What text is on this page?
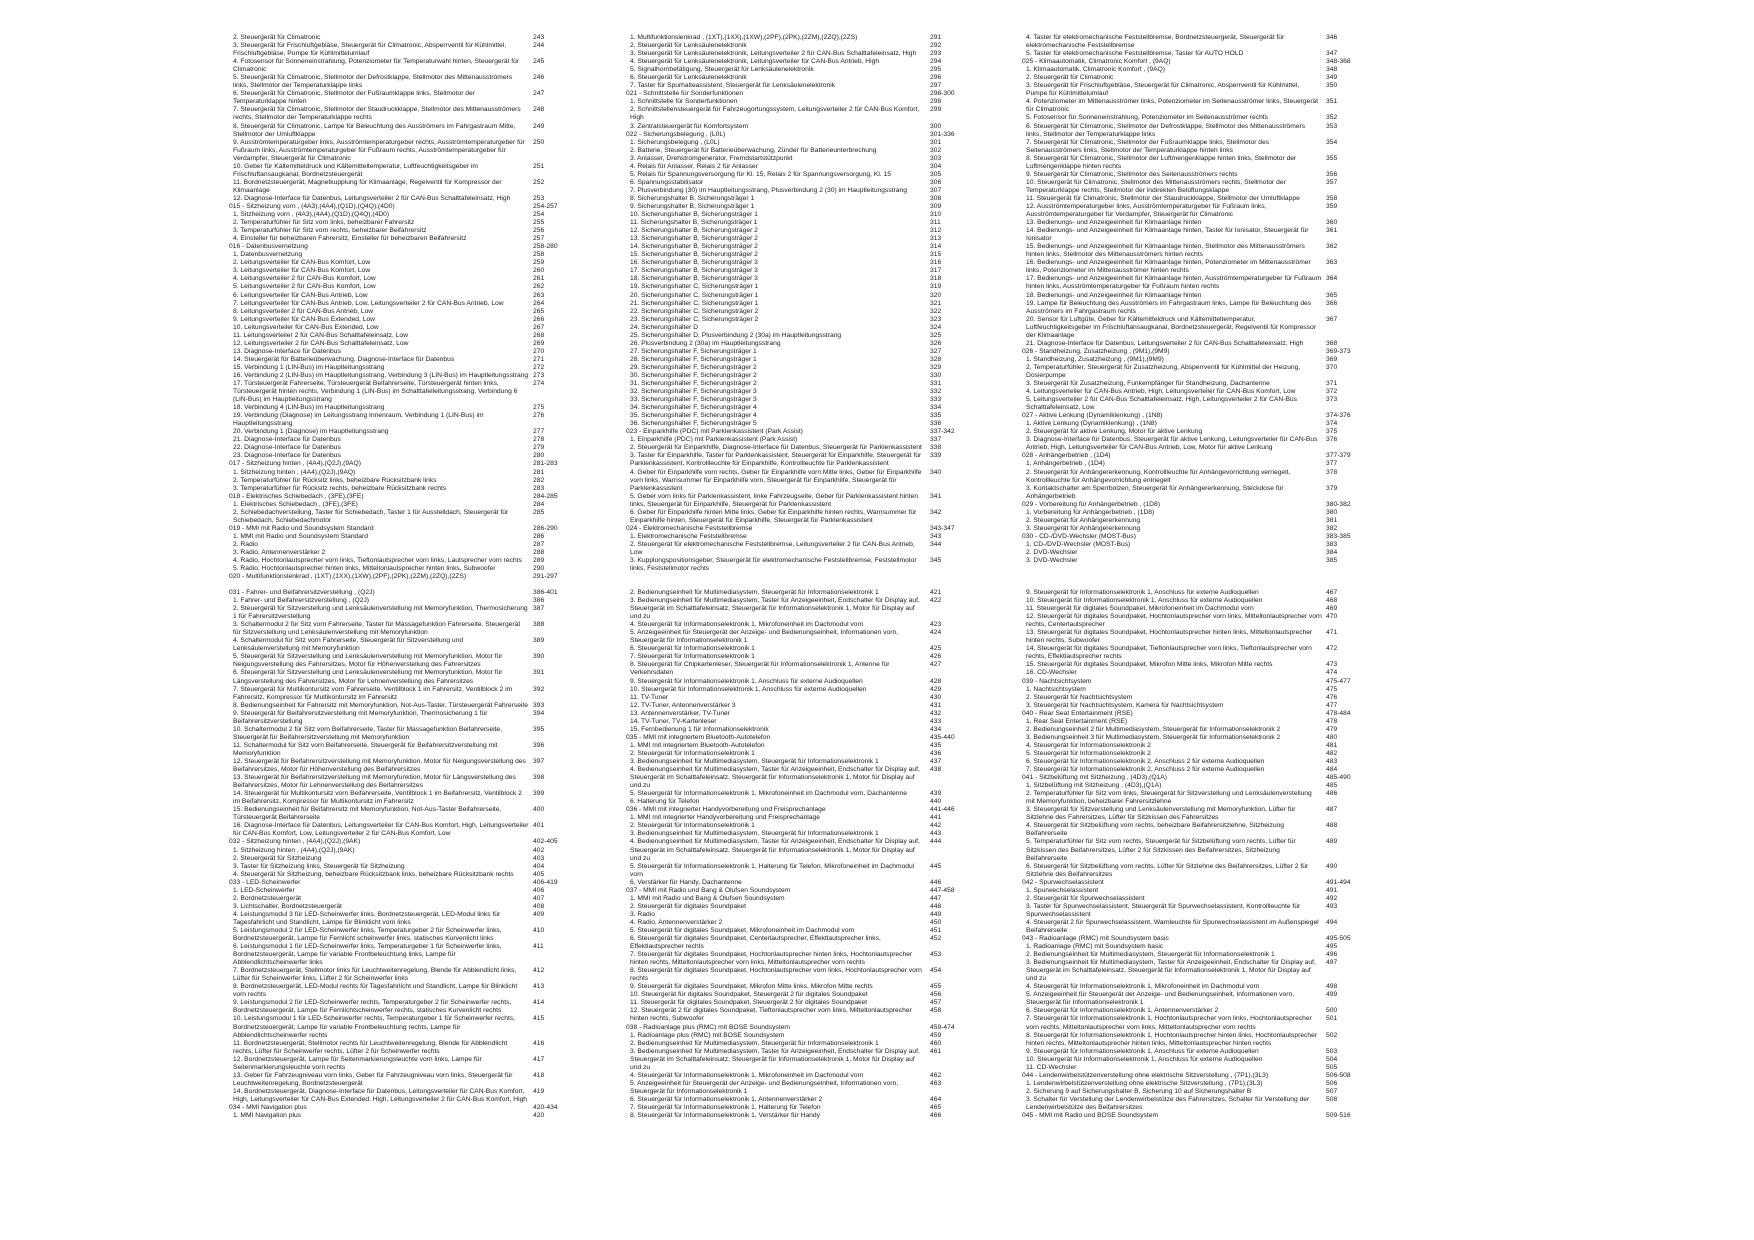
2. Steuergerät für Climatronic	243
3. Steuergerät für Frischluftgebläse, Steuergerät für Climatronic, Absperrventil für Kühlmittel, Frischluftgebläse, Pumpe für Kühlmittelumlauf
244
4. Fotosensor für Sonneneinstrahlung, Potenziometer für Temperaturwahl hinten, Steuergerät für Climatronic
245
5. Steuergerät für Climatronic, Stellmotor der Defrostklappe, Stellmotor des Mittenausströmers links, Stellmotor der Temperaturklappe links
246
6. Steuergerät für Climatronic, Stellmotor der Fußraumklappe links, Stellmotor der Temperaturklappe hinten
247
7. Steuergerät für Climatronic, Stellmotor der Staudruckklappe, Stellmotor des Mittenausströmers rechts, Stellmotor der Temperaturklappe rechts
248
8. Steuergerät für Climatronic, Lampe für Beleuchtung des Ausströmers im Fahrgastraum Mitte, Stellmotor der Umluftklappe
249
9. Ausströmtemperaturgeber links, Ausströmtemperaturgeber rechts, Ausströmtemperaturgeber für Fußraum links, Ausströmtemperaturgeber für Fußraum rechts, Ausströmtemperaturgeber für Verdampfer, Steuergerät für Climatronic
250
10. Geber für Kältemitteldruck und Kältemitteltemperatur, Luftfeuchtigkeitsgeber im Frischluftansaugkanal, Bordnetzsteuergerät
251
11. Bordnetzsteuergerät, Magnetkupplung für Klimaanlage, Regelventil für Kompressor der Klimaanlage
252
12. Diagnose-Interface für Datenbus, Leitungsverteiler 2 für CAN-Bus Schalttafeleinsatz, High	253
015 - Sitzheizung vorn , (4A3),(4A4),(Q1D),(Q4Q),(4D0)	254-257
1. Sitzheizung vorn , (4A3),(4A4),(Q1D),(Q4Q),(4D0)	254
2. Temperaturfühler für Sitz vorn links, beheizbarer Fahrersitz	255
3. Temperaturfühler für Sitz vorn rechts, beheizbarer Beifahrersitz	256
4. Einsteller für beheizbaren Fahrersitz, Einsteller für beheizbaren Beifahrersitz	257
016 - Datenbusvernetzung	258-280
1. Datenbusvernetzung	258
2. Leitungsverteiler für CAN-Bus Komfort, Low	259
3. Leitungsverteiler für CAN-Bus Komfort, Low	260
4. Leitungsverteiler 2 für CAN-Bus Komfort, Low	261
5. Leitungsverteiler 2 für CAN-Bus Komfort, Low	262
6. Leitungsverteiler für CAN-Bus Antrieb, Low	263
7. Leitungsverteiler für CAN-Bus Antrieb, Low, Leitungsverteiler 2 für CAN-Bus Antrieb, Low	264
8. Leitungsverteiler 2 für CAN-Bus Antrieb, Low	265
9. Leitungsverteiler für CAN-Bus Extended, Low	266
10. Leitungsverteiler für CAN-Bus Extended, Low	267
11. Leitungsverteiler 2 für CAN-Bus Schalttafeleinsatz, Low	268
12. Leitungsverteiler 2 für CAN-Bus Schalttafeleinsatz, Low	269
13. Diagnose-Interface für Datenbus	270
14. Steuergerät für Batterieüberwachung, Diagnose-Interface für Datenbus	271
15. Verbindung 1 (LIN-Bus) im Hauptleitungsstrang	272
16. Verbindung 2 (LIN-Bus) im Hauptleitungsstrang, Verbindung 3 (LIN-Bus) im Hauptleitungsstrang 273
17. Türsteuergerät Fahrerseite, Türsteuergerät Beifahrerseite, Türsteuergerät hinten links, Türsteuergerät hinten rechts, Verbindung 1 (LIN-Bus) im Schalttafelleitungsstrang, Verbindung 6 (LIN-Bus) im Hauptleitungsstrang
274
18. Verbindung 4 (LIN-Bus) im Hauptleitungsstrang	275
19. Verbindung (Diagnose) im Leitungsstrang Innenraum, Verbindung 1 (LIN-Bus) im Hauptleitungsstrang
276
20. Verbindung 1 (Diagnose) im Hauptleitungsstrang	277
21. Diagnose-Interface für Datenbus	278
22. Diagnose-Interface für Datenbus	279
23. Diagnose-Interface für Datenbus	280
017 - Sitzheizung hinten , (4A4),(Q2J),(9AQ)	281-283
1. Sitzheizung hinten , (4A4),(Q2J),(9AQ)	281
2. Temperaturfühler für Rücksitz links, beheizbare Rücksitzbank links	282
3. Temperaturfühler für Rücksitz rechts, beheizbare Rücksitzbank rechts	283
018 - Elektrisches Schiebedach , (3FE),(3FE)	284-285
1. Elektrisches Schiebedach , (3FE),(3FE)	284
2. Schiebedachverstellung, Taster für Schiebedach, Taster 1 für Ausstelldach, Steuergerät für Schiebedach, Schiebedachmotor
285
019 - MMI mit Radio und Soundsystem Standard	286-290
1. MMI mit Radio und Soundsystem Standard	286
2. Radio	287
3. Radio, Antennenverstärker 2	288
4. Radio, Hochtonlautsprecher vorn links, Tieftonlautsprecher vorn links, Lautsprecher vorn rechts	289
5. Radio, Hochtonlautsprecher hinten links, Mitteltonlautsprecher hinten links, Subwoofer	290
020 - Multifunktionslenkrad , (1XT),(1XX),(1XW),(2PF),(2PK),(2ZM),(2ZQ),(2ZS)	291-297
1. Multifunktionslenkrad , (1XT),(1XX),(1XW),(2PF),(2PK),(2ZM),(2ZQ),(2ZS)	291
2. Steuergerät für Lenksäulenelektronik	292
3. Steuergerät für Lenksäulenelektronik, Leitungsverteiler 2 für CAN-Bus Schalttafeleinsatz, High	293
4. Steuergerät für Lenksäulenelektronik, Leitungsverteiler für CAN-Bus Antrieb, High	294
5. Signalhornbetätigung, Steuergerät für Lenksäulenelektronik	295
6. Steuergerät für Lenksäulenelektronik	296
7. Taster für Spurhalteassistent, Steuergerät für Lenksäulenelektronik	297
021 - Schnittstelle für Sonderfunktionen	298-300
1. Schnittstelle für Sonderfunktionen	298
2. Schnittstellensteuergerät für Fahrzeugortungssystem, Leitungsverteiler 2 für CAN-Bus Komfort, High
299
3. Zentralsteuergerät für Komfortsystem	300
022 - Sicherungsbelegung , (L0L)	301-336
1. Sicherungsbelegung , (L0L)	301
2. Batterie, Steuergerät für Batterieüberwachung, Zünder für Batterieunterbrechung	302
3. Anlasser, Drehstromgenerator, Fremdstartstützpunkt	303
4. Relais für Anlasser, Relais 2 für Anlasser	304
5. Relais für Spannungsversorgung für Kl. 15, Relais 2 für Spannungsversorgung, Kl. 15	305
6. Spannungsstabilisator	306
7. Plusverbindung (30) im Hauptleitungsstrang, Plusverbindung 2 (30) im Hauptleitungsstrang	307
8. Sicherungshalter B, Sicherungsträger 1	308
9. Sicherungshalter B, Sicherungsträger 1	309
10. Sicherungshalter B, Sicherungsträger 1	310
11. Sicherungshalter B, Sicherungsträger 1	311
12. Sicherungshalter B, Sicherungsträger 2	312
13. Sicherungshalter B, Sicherungsträger 2	313
14. Sicherungshalter B, Sicherungsträger 2	314
15. Sicherungshalter B, Sicherungsträger 2	315
16. Sicherungshalter B, Sicherungsträger 3	316
17. Sicherungshalter B, Sicherungsträger 3	317
18. Sicherungshalter B, Sicherungsträger 3	318
19. Sicherungshalter C, Sicherungsträger 1	319
20. Sicherungshalter C, Sicherungsträger 1	320
21. Sicherungshalter C, Sicherungsträger 1	321
22. Sicherungshalter C, Sicherungsträger 2	322
23. Sicherungshalter C, Sicherungsträger 2	323
24. Sicherungshalter D	324
25. Sicherungshalter D, Plusverbindung 2 (30a) im Hauptleitungsstrang	325
26. Plusverbindung 2 (30a) im Hauptleitungsstrang	326
27. Sicherungshalter F, Sicherungsträger 1	327
28. Sicherungshalter F, Sicherungsträger 1	328
29. Sicherungshalter F, Sicherungsträger 2	329
30. Sicherungshalter F, Sicherungsträger 2	330
31. Sicherungshalter F, Sicherungsträger 2	331
32. Sicherungshalter F, Sicherungsträger 3	332
33. Sicherungshalter F, Sicherungsträger 3	333
34. Sicherungshalter F, Sicherungsträger 4	334
35. Sicherungshalter F, Sicherungsträger 4	335
36. Sicherungshalter F, Sicherungsträger 5	336
023 - Einparkhilfe (PDC) mit Parklenkassistent (Park Assist)	337-342
1. Einparkhilfe (PDC) mit Parklenkassistent (Park Assist)	337
2. Steuergerät für Einparkhilfe, Diagnose-Interface für Datenbus, Steuergerät für Parklenkassistent	338
3. Taster für Einparkhilfe, Taster für Parklenkassistent, Steuergerät für Einparkhilfe, Steuergerät für Parklenkassistent, Kontrollleuchte für Einparkhilfe, Kontrollleuchte für Parklenkassistent
339
4. Geber für Einparkhilfe vorn rechts, Geber für Einparkhilfe vorn Mitte links, Geber für Einparkhilfe vorn links, Warnsummer für Einparkhilfe vorn, Steuergerät für Einparkhilfe, Steuergerät für Parklenkassistent
340
5. Geber vorn links für Parklenkassistent, linke Fahrzeugseite, Geber für Parklenkassistent hinten links, Steuergerät für Einparkhilfe, Steuergerät für Parklenkassistent
341
6. Geber für Einparkhilfe hinten Mitte links, Geber für Einparkhilfe hinten rechts, Warnsummer für Einparkhilfe hinten, Steuergerät für Einparkhilfe, Steuergerät für Parklenkassistent
342
024 - Elektromechanische Feststellbremse	343-347
1. Elektromechanische Feststellbremse	343
2. Steuergerät für elektromechanische Feststellbremse, Leitungsverteiler 2 für CAN-Bus Antrieb, Low
344
3. Kupplungspositionsgeber, Steuergerät für elektromechanische Feststellbremse, Feststellmotor links, Feststellmotor rechts
345
4. Taster für elektromechanische Feststellbremse, Bordnetzsteuergerät, Steuergerät für elektromechanische Feststellbremse
346
5. Taster für elektromechanische Feststellbremse, Taster für AUTO HOLD	347
025 - Klimaautomatik, Climatronic Komfort , (9AQ)	348-368
1. Klimaautomatik, Climatronic Komfort , (9AQ)	348
2. Steuergerät für Climatronic	349
3. Steuergerät für Frischluftgebläse, Steuergerät für Climatronic, Absperrventil für Kühlmittel, Pumpe für Kühlmittelumlauf
350
4. Potenziometer im Mittenausströmer links, Potenziometer im Seitenausströmer links, Steuergerät für Climatronic
351
5. Fotosensor für Sonneneinstrahlung, Potenziometer im Seitenausströmer rechts	352
6. Steuergerät für Climatronic, Stellmotor der Defrostklappe, Stellmotor des Mittenausströmers links, Stellmotor der Temperaturklappe links
353
7. Steuergerät für Climatronic, Stellmotor der Fußraumklappe links, Stellmotor des Seitenausströmers links, Stellmotor der Temperaturklappe hinten links
354
8. Steuergerät für Climatronic, Stellmotor der Luftmengenklappe hinten links, Stellmotor der Luftmengenklappe hinten rechts
355
9. Steuergerät für Climatronic, Stellmotor des Seitenausströmers rechts	356
10. Steuergerät für Climatronic, Stellmotor des Mittenausströmers rechts, Stellmotor der Temperaturklappe rechts, Stellmotor der indirekten Belüftungsklappe
357
11. Steuergerät für Climatronic, Stellmotor der Staudruckklappe, Stellmotor der Umluftklappe	358
12. Ausströmtemperaturgeber links, Ausströmtemperaturgeber für Fußraum links, Ausströmtemperaturgeber für Verdampfer, Steuergerät für Climatronic
359
13. Bedienungs- und Anzeigeeinheit für Klimaanlage hinten	360
14. Bedienungs- und Anzeigeeinheit für Klimaanlage hinten, Taster für Ionisator, Steuergerät für Ionisator
361
15. Bedienungs- und Anzeigeeinheit für Klimaanlage hinten, Stellmotor des Mittenausströmers hinten links, Stellmotor des Mittenausströmers hinten rechts
362
16. Bedienungs- und Anzeigeeinheit für Klimaanlage hinten, Potenziometer im Mittenausströmer links, Potenziometer im Mittenausströmer hinten rechts
363
17. Bedienungs- und Anzeigeeinheit für Klimaanlage hinten, Ausströmtemperaturgeber für Fußraum hinten links, Ausströmtemperaturgeber für Fußraum hinten rechts
364
18. Bedienungs- und Anzeigeeinheit für Klimaanlage hinten	365
19. Lampe für Beleuchtung des Ausströmers im Fahrgastraum links, Lampe für Beleuchtung des Ausströmers im Fahrgastraum rechts
366
20. Sensor für Luftgüte, Geber für Kältemitteldruck und Kältemitteltemperatur, Luftfeuchtigkeitsgeber im Frischluftansaugkanal, Bordnetzsteuergerät, Regelventil für Kompressor der Klimaanlage
367
21. Diagnose-Interface für Datenbus, Leitungsverteiler 2 für CAN-Bus Schalttafeleinsatz, High	368
026 - Standheizung, Zusatzheizung , (9M1),(9M9)	369-373
1. Standheizung, Zusatzheizung , (9M1),(9M9)	369
2. Temperaturfühler, Steuergerät für Zusatzheizung, Absperrventil für Kühlmittel der Heizung, Dosierpumpe
370
3. Steuergerät für Zusatzheizung, Funkempfänger für Standheizung, Dachantenne	371
4. Leitungsverteiler für CAN-Bus Antrieb, High, Leitungsverteiler für CAN-Bus Komfort, Low	372
5. Leitungsverteiler 2 für CAN-Bus Schalttafeleinsatz, High, Leitungsverteiler 2 für CAN-Bus Schalttafeleinsatz, Low
373
027 - Aktive Lenkung (Dynamiklenkung) , (1N8)	374-376
1. Aktive Lenkung (Dynamiklenkung) , (1N8)	374
2. Steuergerät für aktive Lenkung, Motor für aktive Lenkung	375
3. Diagnose-Interface für Datenbus, Steuergerät für aktive Lenkung, Leitungsverteiler für CAN-Bus Antrieb, High, Leitungsverteiler für CAN-Bus Antrieb, Low, Motor für aktive Lenkung
376
028 - Anhängerbetrieb , (1D4)	377-379
1. Anhängerbetrieb , (1D4)	377
2. Steuergerät für Anhängererkennung, Kontrollleuchte für Anhängevorrichtung verriegelt, Kontrollleuchte für Anhängevorrichtung entriegelt
378
3. Kontaktschalter am Sperrbolzen, Steuergerät für Anhängererkennung, Steckdose für Anhängerbetrieb
379
029 - Vorbereitung für Anhängerbetrieb , (1D8)	380-382
1. Vorbereitung für Anhängerbetrieb , (1D8)	380
2. Steuergerät für Anhängererkennung	381
3. Steuergerät für Anhängererkennung	382
030 - CD-/DVD-Wechsler (MOST-Bus)	383-385
1. CD-/DVD-Wechsler (MOST-Bus)	383
2. DVD-Wechsler	384
3. DVD-Wechsler	385
031 - Fahrer- und Beifahrersitzverstellung , (Q2J)	386-401
1. Fahrer- und Beifahrersitzverstellung , (Q2J)	386
2. Steuergerät für Sitzverstellung und Lenksäulenverstellung mit Memoryfunktion, Thermosicherung 1 für Fahrersitzverstellung
387
3. Schaltermodul 2 für Sitz vorn Fahrerseite, Taster für Massagefunktion Fahrerseite, Steuergerät für Sitzverstellung und Lenksäulenverstellung mit Memoryfunktion
388
4. Schaltermodul für Sitz vorn Fahrerseite, Steuergerät für Sitzverstellung und Lenksäulenverstellung mit Memoryfunktion
389
5. Steuergerät für Sitzverstellung und Lenksäulenverstellung mit Memoryfunktion, Motor für Neigungsverstellung des Fahrersitzes, Motor für Höhenverstellung des Fahrersitzes
390
6. Steuergerät für Sitzverstellung und Lenksäulenverstellung mit Memoryfunktion, Motor für Längsverstellung des Fahrersitzes, Motor für Lehnenverstellung des Fahrersitzes
391
7. Steuergerät für Multikontursitz vorn Fahrerseite, Ventilblock 1 im Fahrersitz, Ventilblock 2 im Fahrersitz, Kompressor für Multikontursitz im Fahrersitz
392
8. Bedienungseinheit für Fahrersitz mit Memoryfunktion, Not-Aus-Taster, Türsteuergerät Fahrerseite 393
9. Steuergerät für Beifahrersitzverstellung mit Memoryfunktion, Thermosicherung 1 für Beifahrersitzverstellung
394
10. Schaltermodul 2 für Sitz vorn Beifahrerseite, Taster für Massagefunktion Beifahrerseite, Steuergerät für Beifahrersitzverstellung mit Memoryfunktion
395
11. Schaltermodul für Sitz vorn Beifahrerseite, Steuergerät für Beifahrersitzverstellung mit Memoryfunktion
396
12. Steuergerät für Beifahrersitzverstellung mit Memoryfunktion, Motor für Neigungsverstellung des Beifahrersitzes, Motor für Höhenverstellung des Beifahrersitzes
397
13. Steuergerät für Beifahrersitzverstellung mit Memoryfunktion, Motor für Längsverstellung des Beifahrersitzes, Motor für Lehnenverstellung des Beifahrersitzes
398
14. Steuergerät für Multikontursitz vorn Beifahrerseite, Ventilblock 1 im Beifahrersitz, Ventilblock 2 im Beifahrersitz, Kompressor für Multikontursitz im Fahrersitz
399
15. Bedienungseinheit für Beifahrersitz mit Memoryfunktion, Not-Aus-Taster Beifahrerseite, Türsteuergerät Beifahrerseite
400
16. Diagnose-Interface für Datenbus, Leitungsverteiler für CAN-Bus Komfort, High, Leitungsverteiler für CAN-Bus Komfort, Low, Leitungsverteiler 2 für CAN-Bus Komfort, Low
401
032 - Sitzheizung hinten , (4A4),(Q2J),(9AK)	402-405
1. Sitzheizung hinten , (4A4),(Q2J),(9AK)	402
2. Steuergerät für Sitzheizung	403
3. Taster für Sitzheizung links, Steuergerät für Sitzheizung	404
4. Steuergerät für Sitzheizung, beheizbare Rücksitzbank links, beheizbare Rücksitzbank rechts	405
033 - LED-Scheinwerfer	406-419
1. LED-Scheinwerfer	406
2. Bordnetzsteuergerät	407
3. Lichtschalter, Bordnetzsteuergerät	408
4. Leistungsmodul 3 für LED-Scheinwerfer links, Bordnetzsteuergerät, LED-Modul links für Tagesfahrlicht und Standlicht, Lampe für Blinklicht vorn links
409
5. Leistungsmodul 2 für LED-Scheinwerfer links, Temperaturgeber 2 für Scheinwerfer links, Bordnetzsteuergerät, Lampe für Fernlicht scheinwerfer links, statisches Kurvenlicht links
410
6. Leistungsmodul 1 für LED-Scheinwerfer links, Temperaturgeber 1 für Scheinwerfer links, Bordnetzsteuergerät, Lampe für variable Frontbeleuchtung links, Lampe für Abblendlichtscheinwerfer links
411
7. Bordnetzsteuergerät, Stellmotor links für Leuchtweitenregelung, Blende für Abblendlicht links, Lüfter für Scheinwerfer links, Lüfter 2 für Scheinwerfer links
412
8. Bordnetzsteuergerät, LED-Modul rechts für Tagesfahrlicht und Standlicht, Lampe für Blinklicht vorn rechts
413
9. Leistungsmodul 2 für LED-Scheinwerfer rechts, Temperaturgeber 2 für Scheinwerfer rechts, Bordnetzsteuergerät, Lampe für Fernlichtscheinwerfer rechts, statisches Kurvenlicht rechts
414
10. Leistungsmodul 1 für LED-Scheinwerfer rechts, Temperaturgeber 1 für Scheinwerfer rechts, Bordnetzsteuergerät, Lampe für variable Frontbeleuchtung rechts, Lampe für Abblendlichtscheinwerfer rechts
415
11. Bordnetzsteuergerät, Stellmotor rechts für Leuchtweitenregelung, Blende für Abblendlicht rechts, Lüfter für Scheinwerfer rechts, Lüfter 2 für Scheinwerfer rechts
416
12. Bordnetzsteuergerät, Lampe für Seitenmarkierungsleuchte vorn links, Lampe für Seitenmarkierungsleuchte vorn rechts
417
13. Geber für Fahrzeugniveau vorn links, Geber für Fahrzeugniveau vorn links, Steuergerät für Leuchtweitenregelung, Bordnetzsteuergerät
418
14. Bordnetzsteuergerät, Diagnose-Interface für Datenbus, Leitungsverteiler für CAN-Bus Komfort, High, Leitungsverteiler für CAN-Bus Extended, High, Leitungsverteiler 2 für CAN-Bus Komfort, High
419
034 - MMI Navigation plus	420-434
1. MMI Navigation plus	420
2. Bedienungseinheit für Multimediasystem, Steuergerät für Informationselektronik 1	421
3. Bedienungseinheit für Multimediasystem, Taster für Anzeigeeinheit, Endschalter für Display auf, Steuergerät im Schalttafeleinsatz, Steuergerät für Informationselektronik 1, Motor für Display auf und zu
422
4. Steuergerät für Informationselektronik 1, Mikrofoneinheit im Dachmodul vorn	423
5. Anzeigeeinheit für Steuergerät der Anzeige- und Bedienungseinheit, Informationen vorn, Steuergerät für Informationselektronik 1
424
6. Steuergerät für Informationselektronik 1	425
7. Steuergerät für Informationselektronik 1	426
8. Steuergerät für Chipkartenleser, Steuergerät für Informationselektronik 1, Antenne für Verkehrsdaten
427
9. Steuergerät für Informationselektronik 1, Anschluss für externe Audioquellen	428
10. Steuergerät für Informationselektronik 1, Anschluss für externe Audioquellen	429
11. TV-Tuner	430
12. TV-Tuner, Antennenverstärker 3	431
13. Antennenverstärker, TV-Tuner	432
14. TV-Tuner, TV-Kartenleser	433
15. Fernbedienung 1 für Informationselektronik	434
035 - MMI mit integriertem Bluetooth-Autotelefon	435-440
1. MMI mit integriertem Bluetooth-Autotelefon	435
2. Steuergerät für Informationselektronik 1	436
3. Bedienungseinheit für Multimediasystem, Steuergerät für Informationselektronik 1	437
4. Bedienungseinheit für Multimediasystem, Taster für Anzeigeeinheit, Endschalter für Display auf, Steuergerät im Schalttafeleinsatz, Steuergerät für Informationselektronik 1, Motor für Display auf und zu
438
5. Steuergerät für Informationselektronik 1, Mikrofoneinheit im Dachmodul vorn, Dachantenne	439
6. Halterung für Telefon	440
036 - MMI mit integrierter Handyvorbereitung und Freisprechanlage	441-446
1. MMI mit integrierter Handyvorbereitung und Freisprechanlage	441
2. Steuergerät für Informationselektronik 1	442
3. Bedienungseinheit für Multimediasystem, Steuergerät für Informationselektronik 1	443
4. Bedienungseinheit für Multimediasystem, Taster für Anzeigeeinheit, Endschalter für Display auf, Steuergerät im Schalttafeleinsatz, Steuergerät für Informationselektronik 1, Motor für Display auf und zu
444
5. Steuergerät für Informationselektronik 1, Halterung für Telefon, Mikrofoneinheit im Dachmodul vorn
445
6. Verstärker für Handy, Dachantenne	446
037 - MMI mit Radio und Bang & Olufsen Soundsystem	447-458
1. MMI mit Radio und Bang & Olufsen Soundsystem	447
2. Steuergerät für digitales Soundpaket	448
3. Radio	449
4. Radio, Antennenverstärker 2	450
5. Steuergerät für digitales Soundpaket, Mikrofoneinheit im Dachmodul vorn	451
6. Steuergerät für digitales Soundpaket, Centerlautsprecher, Effektlautsprecher links, Effektlautsprecher rechts
452
7. Steuergerät für digitales Soundpaket, Hochtonlautsprecher hinten links, Hochtonlautsprecher hinten rechts, Mitteltonlautsprecher vorn links, Mitteltonlautsprecher vorn rechts
453
8. Steuergerät für digitales Soundpaket, Hochtonlautsprecher vorn links, Hochtonlautsprecher vorn rechts
454
9. Steuergerät für digitales Soundpaket, Mikrofon Mitte links, Mikrofon Mitte rechts	455
10. Steuergerät für digitales Soundpaket, Steuergerät 2 für digitales Soundpaket	456
11. Steuergerät für digitales Soundpaket, Steuergerät 2 für digitales Soundpaket	457
12. Steuergerät 2 für digitales Soundpaket, Tieftonlautsprecher vorn links, Mitteltonlautsprecher hinten rechts, Subwoofer
458
038 - Radioanlage plus (RMC) mit BOSE Soundsystem	459-474
1. Radioanlage plus (RMC) mit BOSE Soundsystem	459
2. Bedienungseinheit für Multimediasystem, Steuergerät für Informationselektronik 1	460
3. Bedienungseinheit für Multimediasystem, Taster für Anzeigeeinheit, Endschalter für Display auf, Steuergerät im Schalttafeleinsatz, Steuergerät für Informationselektronik 1, Motor für Display auf und zu
461
4. Steuergerät für Informationselektronik 1, Mikrofoneinheit im Dachmodul vorn	462
5. Anzeigeeinheit für Steuergerät der Anzeige- und Bedienungseinheit, Informationen vorn, Steuergerät für Informationselektronik 1
463
6. Steuergerät für Informationselektronik 1, Antennenverstärker 2	464
7. Steuergerät für Informationselektronik 1, Halterung für Telefon	465
8. Steuergerät für Informationselektronik 1, Verstärker für Handy	466
9. Steuergerät für Informationselektronik 1, Anschluss für externe Audioquellen	467
10. Steuergerät für Informationselektronik 1, Anschluss für externe Audioquellen	468
11. Steuergerät für digitales Soundpaket, Mikrofoneinheit im Dachmodul vorn	469
12. Steuergerät für digitales Soundpaket, Hochtonlautsprecher vorn links, Mitteltonlautsprecher vorn rechts, Centerlautsprecher
470
13. Steuergerät für digitales Soundpaket, Hochtonlautsprecher hinten links, Mitteltonlautsprecher hinten rechts, Subwoofer
471
14. Steuergerät für digitales Soundpaket, Tieftonlautsprecher vorn links, Tieftonlautsprecher vorn rechts, Effektlautsprecher rechts
472
15. Steuergerät für digitales Soundpaket, Mikrofon Mitte links, Mikrofon Mitte rechts	473
16. CD-Wechsler	474
039 - Nachtsichtsystem	475-477
1. Nachtsichtsystem	475
2. Steuergerät für Nachtsichtsystem	476
3. Steuergerät für Nachtsichtsystem, Kamera für Nachtsichtsystem	477
040 - Rear Seat Entertainment (RSE)	478-484
1. Rear Seat Entertainment (RSE)	478
2. Bedienungseinheit 2 für Multimediasystem, Steuergerät für Informationselektronik 2	479
3. Bedienungseinheit 3 für Multimediasystem, Steuergerät für Informationselektronik 2	480
4. Steuergerät für Informationselektronik 2	481
5. Steuergerät für Informationselektronik 2	482
6. Steuergerät für Informationselektronik 2, Anschluss 2 für externe Audioquellen	483
7. Steuergerät für Informationselektronik 2, Anschluss 2 für externe Audioquellen	484
041 - Sitzbelüftung mit Sitzheizung , (4D3),(Q1A)	485-490
1. Sitzbelüftung mit Sitzheizung , (4D3),(Q1A)	485
2. Temperaturfühler für Sitz vorn links, Steuergerät für Sitzverstellung und Lenksäulenverstellung mit Memoryfunktion, beheizbarer Fahrersitzlehne
486
3. Steuergerät für Sitzverstellung und Lenksäulenverstellung mit Memoryfunktion, Lüfter für Sitzlehne des Fahrersitzes, Lüfter für Sitzkissen des Fahrersitzes
487
4. Steuergerät für Sitzbelüftung vorn rechts, beheizbare Beifahrersitzlehne, Sitzheizung Beifahrerseite
488
5. Temperaturfühler für Sitz vorn rechts, Steuergerät für Sitzbelüftung vorn rechts, Lüfter für Sitzkissen des Beifahrersitzes, Lüfter 2 für Sitzkissen des Beifahrersitzes, Sitzheizung Beifahrerseite
489
6. Steuergerät für Sitzbelüftung vorn rechts, Lüfter für Sitzlehne des Beifahrersitzes, Lüfter 2 für Sitzlehne des Beifahrersitzes
490
042 - Spurwechselassistent	491-494
1. Spurwechselassistent	491
2. Steuergerät für Spurwechselassistent	492
3. Taster für Spurwechselassistent, Steuergerät für Spurwechselassistent, Kontrollleuchte für Spurwechselassistent
493
4. Steuergerät 2 für Spurwechselassistent, Warnleuchte für Spurwechselassistent im Außenspiegel Beifahrerseite
494
043 - Radioanlage (RMC) mit Soundsystem basic	495-505
1. Radioanlage (RMC) mit Soundsystem basic	495
2. Bedienungseinheit für Multimediasystem, Steuergerät für Informationselektronik 1	496
3. Bedienungseinheit für Multimediasystem, Taster für Anzeigeeinheit, Endschalter für Display auf, Steuergerät im Schalttafeleinsatz, Steuergerät für Informationselektronik 1, Motor für Display auf und zu
497
4. Steuergerät für Informationselektronik 1, Mikrofoneinheit im Dachmodul vorn	498
5. Anzeigeeinheit für Steuergerät der Anzeige- und Bedienungseinheit, Informationen vorn, Steuergerät für Informationselektronik 1
499
6. Steuergerät für Informationselektronik 1, Antennenverstärker 2	500
7. Steuergerät für Informationselektronik 1, Hochtonlautsprecher vorn links, Hochtonlautsprecher vorn rechts, Mitteltonlautsprecher vorn links, Mitteltonlautsprecher vorn rechts
501
8. Steuergerät für Informationselektronik 1, Hochtonlautsprecher hinten links, Hochtonlautsprecher hinten rechts, Mitteltonlautsprecher hinten links, Mitteltonlautsprecher hinten rechts
502
9. Steuergerät für Informationselektronik 1, Anschluss für externe Audioquellen	503
10. Steuergerät für Informationselektronik 1, Anschluss für externe Audioquellen	504
11. CD-Wechsler	505
044 - Lendenwirbelstützenverstellung ohne elektrische Sitzverstellung , (7P1),(3L3)	506-508
1. Lendenwirbelstützenverstellung ohne elektrische Sitzverstellung , (7P1),(3L3)	506
2. Sicherung 9 auf Sicherungshalter B, Sicherung 10 auf Sicherungshalter B	507
3. Schalter für Verstellung der Lendenwirbelstütze des Fahrersitzes, Schalter für Verstellung der Lendenwirbelstütze des Beifahrersitzes
508
045 - MMI mit Radio und BOSE Soundsystem	509-516
